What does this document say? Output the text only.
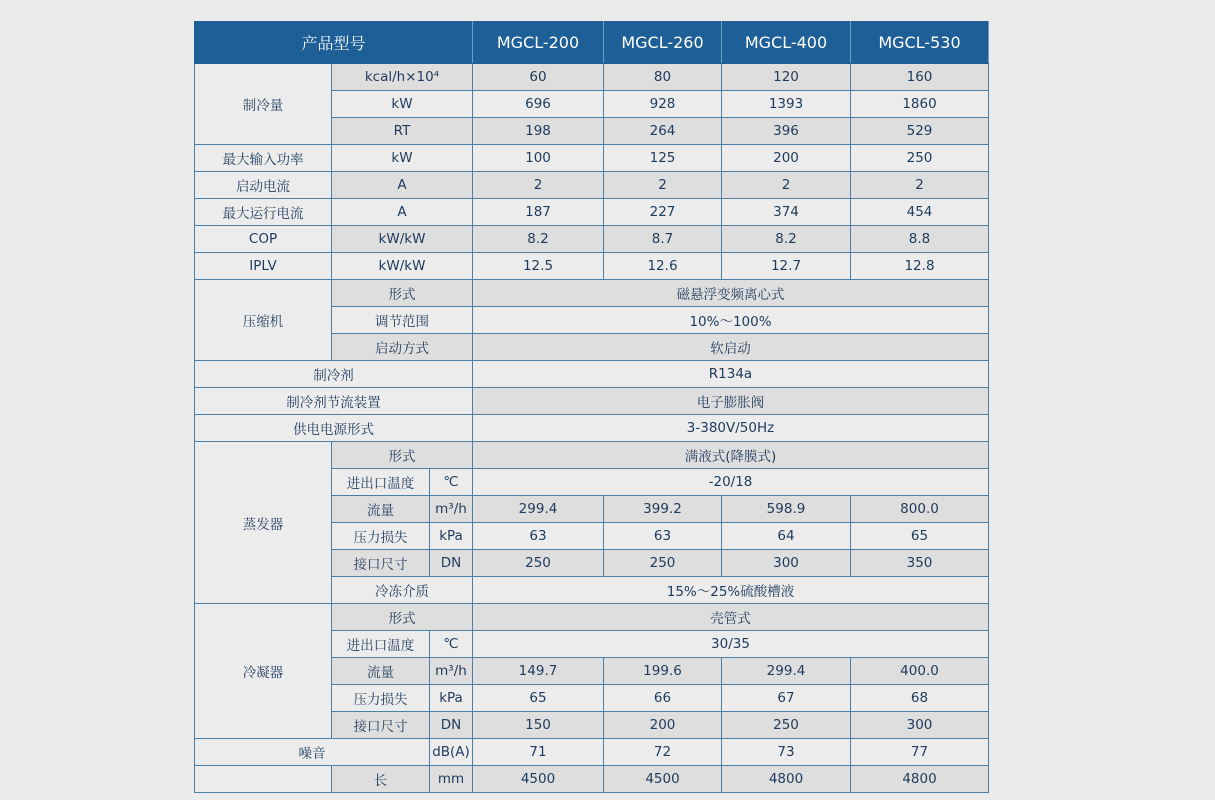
产品型号			MGCL-200	MGCL-260	MGCL-400	MGCL-530
制冷量	kcal/h×10⁴		60	80	120	160
	kW		696	928	1393	1860
	RT		198	264	396	529
最大输入功率	kW		100	125	200	250
启动电流	A		2	2	2	2
最大运行电流	A		187	227	374	454
COP	kW/kW		8.2	8.7	8.2	8.8
IPLV	kW/kW		12.5	12.6	12.7	12.8
压缩机	形式		磁悬浮变频离心式			
	调节范围		10%～100%			
	启动方式		软启动			
制冷剂			R134a			
制冷剂节流装置			电子膨胀阀			
供电电源形式			3-380V/50Hz			
蒸发器	形式		满液式(降膜式)			
	进出口温度	℃	-20/18			
	流量	m³/h	299.4	399.2	598.9	800.0
	压力损失	kPa	63	63	64	65
	接口尺寸	DN	250	250	300	350
	冷冻介质		15%～25%硫酸槽液			
冷凝器	形式		壳管式			
	进出口温度	℃	30/35			
	流量	m³/h	149.7	199.6	299.4	400.0
	压力损失	kPa	65	66	67	68
	接口尺寸	DN	150	200	250	300
噪音		dB(A)	71	72	73	77
	长	mm	4500	4500	4800	4800
